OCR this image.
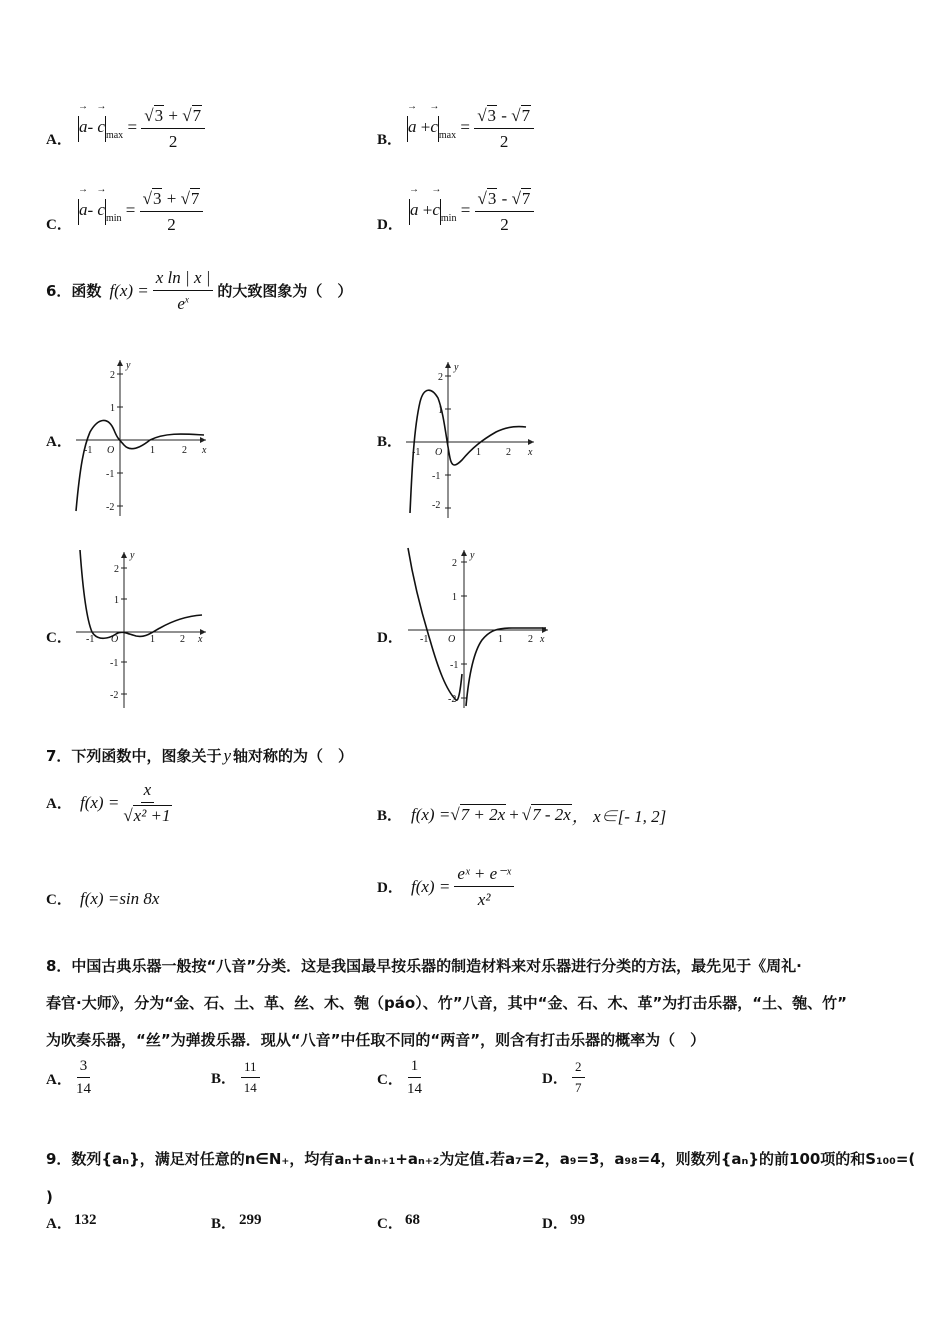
A．
→ $a- \to c_{max} = \frac{√3 + √7}{2}$	B．
→ $a +\to c_{max} = \frac{√3 - √7}{2}$
C．
→ $a- \to c_{min} = \frac{√3 + √7}{2}$	D．
→ $a +\to c_{min} = \frac{√3 - √7}{2}$
6．函数 $f(x) = \frac{\text{x ln | x |}}{e^x}$ 的大致图象为（　）
A．
y
x
O
2
1
-1
-2
-1	1	2
B．
y
x
O
2
1
-1
-2
-1	1	2
C．
y
x
O
2
1
-1
-2
-1	1	2	D．
y
x
O
2
1
-1
-2
-1	1	2
7．下列函数中，图象关于 y 轴对称的为（　）
A． $f(x) = \frac{x}{\text{√x² +1}}$	B． f(x) = √7 + 2x + √7 - 2x ， x∈[- 1, 2]
C． f(x) =sin 8x
D． $f(x) = \frac{\text{eˣ + e⁻ˣ}}{\text{x²}}$
8．中国古典乐器一般按“八音”分类．这是我国最早按乐器的制造材料来对乐器进行分类的方法，最先见于《周礼·
春官·大师》，分为“金、石、土、革、丝、木、匏（páo）、竹”八音，其中“金、石、木、革”为打击乐器，“土、匏、竹”
为吹奏乐器，“丝”为弹拨乐器．现从“八音”中任取不同的“两音”，则含有打击乐器的概率为（　）
A． $\frac{3}{14}$	B． $\frac{11}{14}$	C． $\frac{1}{14}$	D． $\frac{2}{7}$
9．数列{aₙ}，满足对任意的n∈N₊，均有aₙ+aₙ₊₁+aₙ₊₂为定值.若a₇=2，a₉=3，a₉₈=4，则数列{aₙ}的前100项的和S₁₀₀=(
)
A． 132	B． 299	C． 68	D． 99
